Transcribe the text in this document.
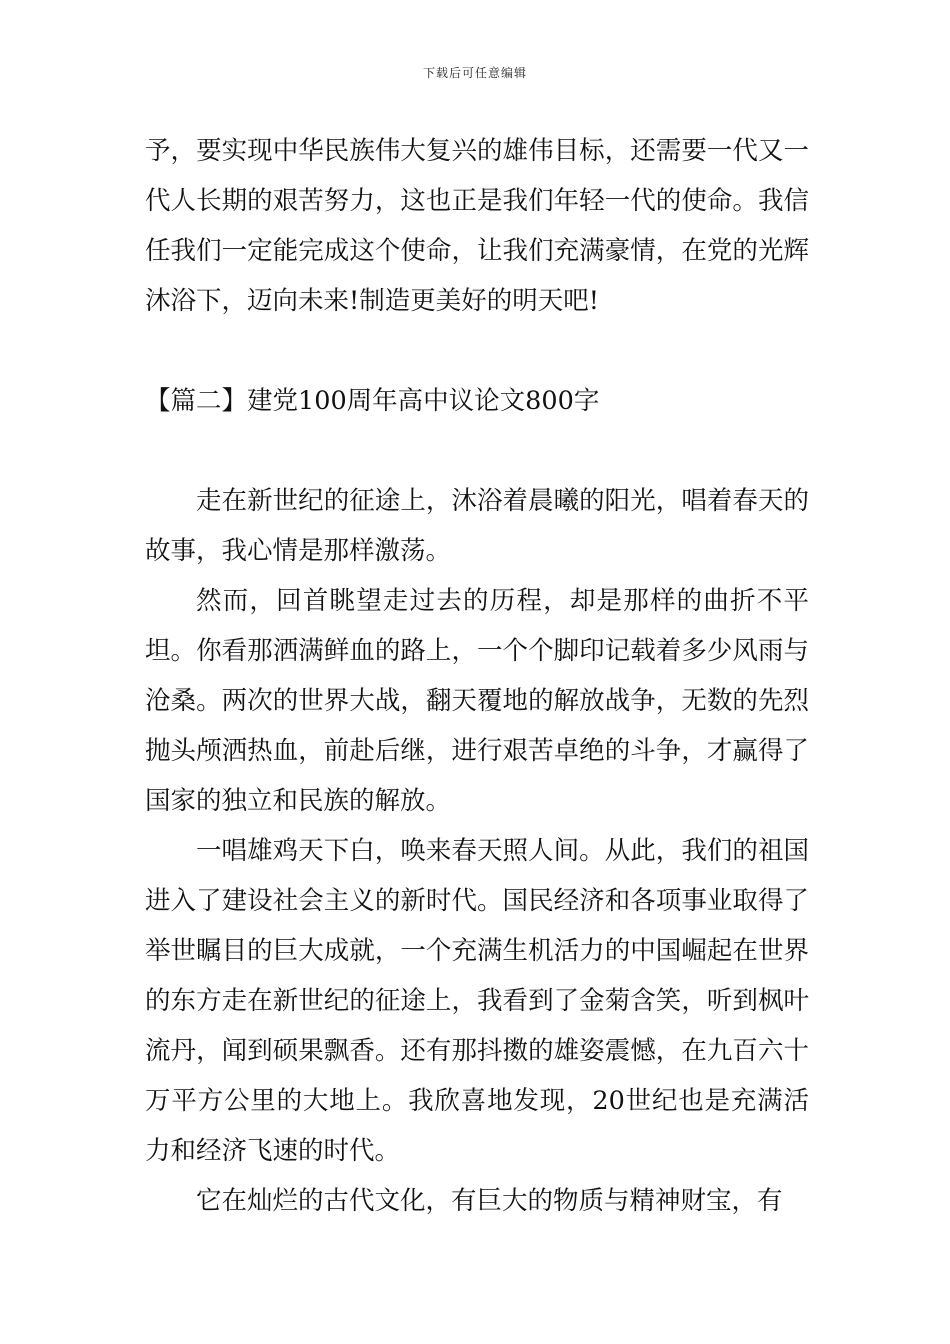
下载后可任意编辑

予，要实现中华民族伟大复兴的雄伟目标，还需要一代又一代人长期的艰苦努力，这也正是我们年轻一代的使命。我信任我们一定能完成这个使命，让我们充满豪情，在党的光辉沐浴下，迈向未来!制造更美好的明天吧!

【篇二】建党100周年高中议论文800字

走在新世纪的征途上，沐浴着晨曦的阳光，唱着春天的故事，我心情是那样激荡。

然而，回首眺望走过去的历程，却是那样的曲折不平坦。你看那洒满鲜血的路上，一个个脚印记载着多少风雨与沧桑。两次的世界大战，翻天覆地的解放战争，无数的先烈抛头颅洒热血，前赴后继，进行艰苦卓绝的斗争，才赢得了国家的独立和民族的解放。

一唱雄鸡天下白，唤来春天照人间。从此，我们的祖国进入了建设社会主义的新时代。国民经济和各项事业取得了举世瞩目的巨大成就，一个充满生机活力的中国崛起在世界的东方走在新世纪的征途上，我看到了金菊含笑，听到枫叶流丹，闻到硕果飘香。还有那抖擞的雄姿震憾，在九百六十万平方公里的大地上。我欣喜地发现，20世纪也是充满活力和经济飞速的时代。

它在灿烂的古代文化，有巨大的物质与精神财宝，有
